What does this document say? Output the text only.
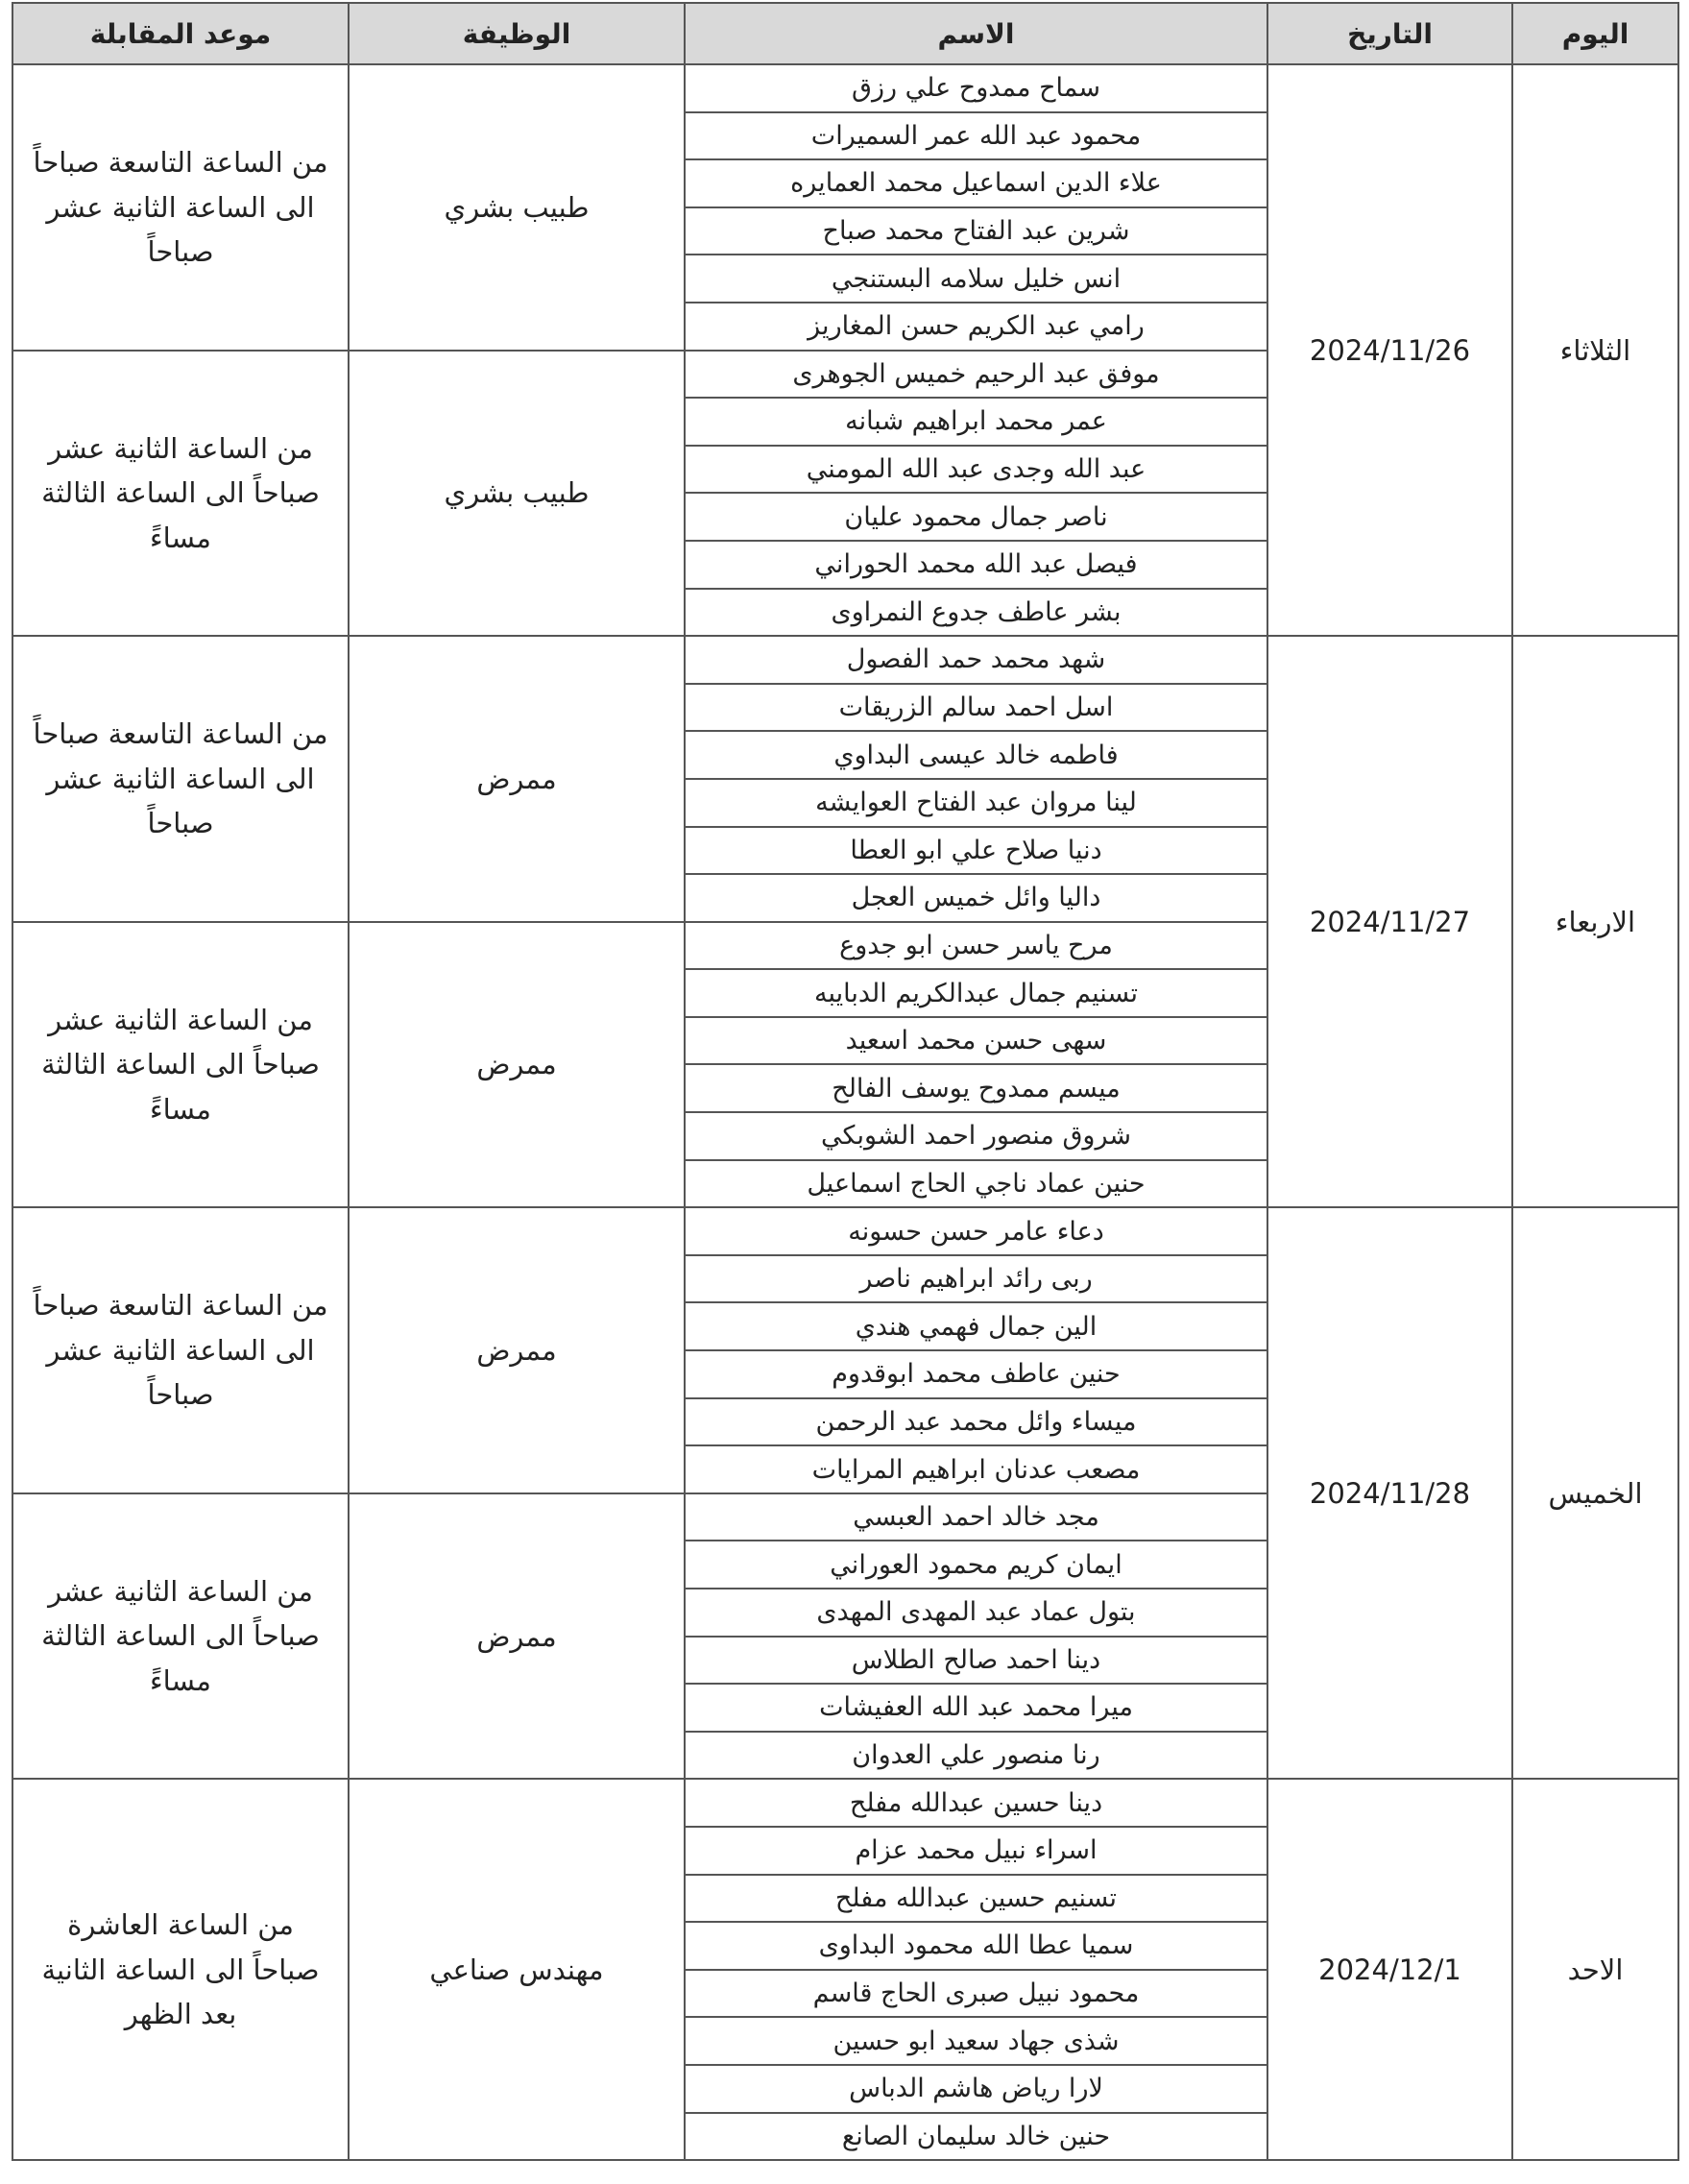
اليوم	التاريخ	الاسم	الوظيفة	موعد المقابلة
الثلاثاء	2024/11/26	سماح ممدوح علي رزق	طبيب بشري	من الساعة التاسعة صباحاً الى الساعة الثانية عشر صباحاً
		محمود عبد الله عمر السميرات		
		علاء الدين اسماعيل محمد العمايره		
		شرين عبد الفتاح محمد صباح		
		انس خليل سلامه البستنجي		
		رامي عبد الكريم حسن المغاريز		
		موفق عبد الرحيم خميس الجوهرى	طبيب بشري	من الساعة الثانية عشر صباحاً الى الساعة الثالثة مساءً
		عمر محمد ابراهيم شبانه		
		عبد الله وجدى عبد الله المومني		
		ناصر جمال محمود عليان		
		فيصل عبد الله محمد الحوراني		
		بشر عاطف جدوع النمراوى		
الاربعاء	2024/11/27	شهد محمد حمد الفصول	ممرض	من الساعة التاسعة صباحاً الى الساعة الثانية عشر صباحاً
		اسل احمد سالم الزريقات		
		فاطمه خالد عيسى البداوي		
		لينا مروان عبد الفتاح العوايشه		
		دنيا صلاح علي ابو العطا		
		داليا وائل خميس العجل		
		مرح ياسر حسن ابو جدوع	ممرض	من الساعة الثانية عشر صباحاً الى الساعة الثالثة مساءً
		تسنيم جمال عبدالكريم الدبايبه		
		سهى حسن محمد اسعيد		
		ميسم ممدوح يوسف الفالح		
		شروق منصور احمد الشوبكي		
		حنين عماد ناجي الحاج اسماعيل		
الخميس	2024/11/28	دعاء عامر حسن حسونه	ممرض	من الساعة التاسعة صباحاً الى الساعة الثانية عشر صباحاً
		ربى رائد ابراهيم ناصر		
		الين جمال فهمي هندي		
		حنين عاطف محمد ابوقدوم		
		ميساء وائل محمد عبد الرحمن		
		مصعب عدنان ابراهيم المرايات		
		مجد خالد احمد العبسي	ممرض	من الساعة الثانية عشر صباحاً الى الساعة الثالثة مساءً
		ايمان كريم محمود العوراني		
		بتول عماد عبد المهدى المهدى		
		دينا احمد صالح الطلاس		
		ميرا محمد عبد الله العفيشات		
		رنا منصور علي العدوان		
الاحد	2024/12/1	دينا حسين عبدالله مفلح	مهندس صناعي	من الساعة العاشرة صباحاً الى الساعة الثانية بعد الظهر
		اسراء نبيل محمد عزام		
		تسنيم حسين عبدالله مفلح		
		سميا عطا الله محمود البداوى		
		محمود نبيل صبرى الحاج قاسم		
		شذى جهاد سعيد ابو حسين		
		لارا رياض هاشم الدباس		
		حنين خالد سليمان الصانع		
